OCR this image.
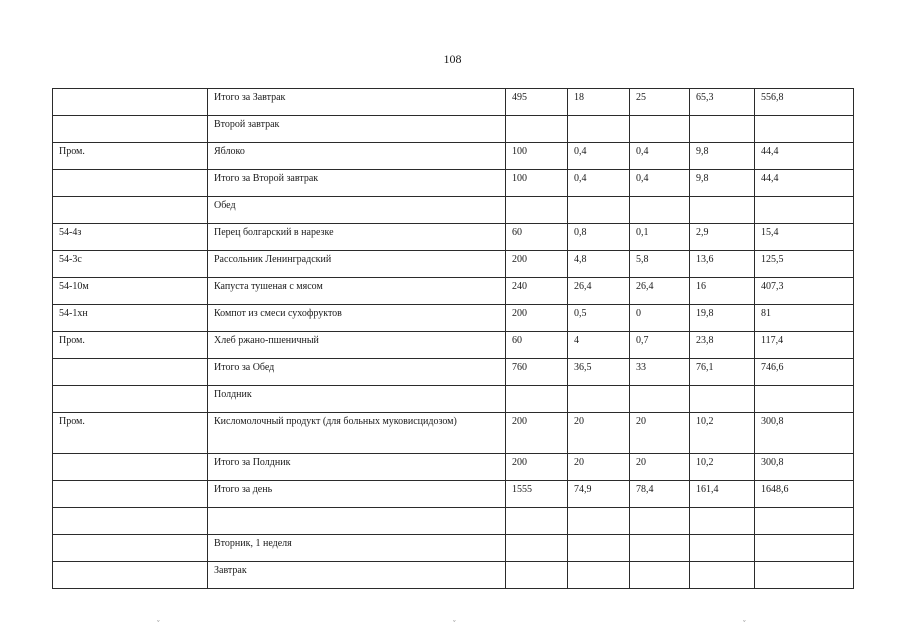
108
	Итого за Завтрак	495	18	25	65,3	556,8
	Второй завтрак					
Пром.	Яблоко	100	0,4	0,4	9,8	44,4
	Итого за Второй завтрак	100	0,4	0,4	9,8	44,4
	Обед					
54-4з	Перец болгарский в нарезке	60	0,8	0,1	2,9	15,4
54-3с	Рассольник Ленинградский	200	4,8	5,8	13,6	125,5
54-10м	Капуста тушеная с мясом	240	26,4	26,4	16	407,3
54-1хн	Компот из смеси сухофруктов	200	0,5	0	19,8	81
Пром.	Хлеб ржано-пшеничный	60	4	0,7	23,8	117,4
	Итого за Обед	760	36,5	33	76,1	746,6
	Полдник					
Пром.	Кисломолочный продукт (для больных муковисцидозом)	200	20	20	10,2	300,8
	Итого за Полдник	200	20	20	10,2	300,8
	Итого за день	1555	74,9	78,4	161,4	1648,6

	Вторник, 1 неделя					
	Завтрак					
ˇ	ˇ	ˇ
